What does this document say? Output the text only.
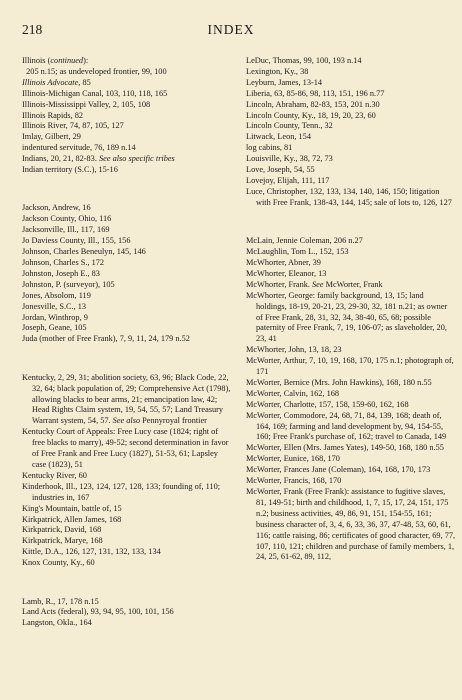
218	INDEX

Illinois (continued):

205 n.15; as undeveloped frontier, 99, 100

Illinois Advocate, 85

Illinois-Michigan Canal, 103, 110, 118, 165

Illinois-Mississippi Valley, 2, 105, 108

Illinois Rapids, 82

Illinois River, 74, 87, 105, 127

Imlay, Gilbert, 29

indentured servitude, 76, 189 n.14

Indians, 20, 21, 82-83. See also specific tribes

Indian territory (S.C.), 15-16

Jackson, Andrew, 16

Jackson County, Ohio, 116

Jacksonville, Ill., 117, 169

Jo Daviess County, Ill., 155, 156

Johnson, Charles Beneulyn, 145, 146

Johnson, Charles S., 172

Johnston, Joseph E., 83

Johnston, P. (surveyor), 105

Jones, Absolom, 119

Jonesville, S.C., 13

Jordan, Winthrop, 9

Joseph, Geane, 105

Juda (mother of Free Frank), 7, 9, 11, 24, 179 n.52

Kentucky, 2, 29, 31; abolition society, 63, 96; Black Code, 22, 32, 64; black population of, 29; Comprehensive Act (1798), allowing blacks to bear arms, 21; emancipation law, 42; Head Rights Claim system, 19, 54, 55, 57; Land Treasury Warrant system, 54, 57. See also Pennyroyal frontier

Kentucky Court of Appeals: Free Lucy case (1824; right of free blacks to marry), 49-52; second determination in favor of Free Frank and Free Lucy (1827), 51-53, 61; Lapsley case (1823), 51

Kentucky River, 60

Kinderhook, Ill., 123, 124, 127, 128, 133; founding of, 110; industries in, 167

King's Mountain, battle of, 15

Kirkpatrick, Allen James, 168

Kirkpatrick, David, 168

Kirkpatrick, Marye, 168

Kittle, D.A., 126, 127, 131, 132, 133, 134

Knox County, Ky., 60

Lamb, R., 17, 178 n.15

Land Acts (federal), 93, 94, 95, 100, 101, 156

Langston, Okla., 164

LeDuc, Thomas, 99, 100, 193 n.14

Lexington, Ky., 38

Leyburn, James, 13-14

Liberia, 63, 85-86, 98, 113, 151, 196 n.77

Lincoln, Abraham, 82-83, 153, 201 n.30

Lincoln County, Ky., 18, 19, 20, 23, 60

Lincoln County, Tenn., 32

Litwack, Leon, 154

log cabins, 81

Louisville, Ky., 38, 72, 73

Love, Joseph, 54, 55

Lovejoy, Elijah, 111, 117

Luce, Christopher, 132, 133, 134, 140, 146, 150; litigation with Free Frank, 138-43, 144, 145; sale of lots to, 126, 127

McLain, Jennie Coleman, 206 n.27

McLaughlin, Tom L., 152, 153

McWhorter, Abner, 39

McWhorter, Eleanor, 13

McWhorter, Frank. See McWorter, Frank

McWhorter, George: family background, 13, 15; land holdings, 18-19, 20-21, 23, 29-30, 32, 181 n.21; as owner of Free Frank, 28, 31, 32, 34, 38-40, 65, 68; possible paternity of Free Frank, 7, 19, 106-07; as slaveholder, 20, 23, 41

McWhorter, John, 13, 18, 23

McWorter, Arthur, 7, 10, 19, 168, 170, 175 n.1; photograph of, 171

McWorter, Bernice (Mrs. John Hawkins), 168, 180 n.55

McWorter, Calvin, 162, 168

McWorter, Charlotte, 157, 158, 159-60, 162, 168

McWorter, Commodore, 24, 68, 71, 84, 139, 168; death of, 164, 169; farming and land development by, 94, 154-55, 160; Free Frank's purchase of, 162; travel to Canada, 149

McWorter, Ellen (Mrs. James Yates), 149-50, 168, 180 n.55

McWorter, Eunice, 168, 170

McWorter, Frances Jane (Coleman), 164, 168, 170, 173

McWorter, Francis, 168, 170

McWorter, Frank (Free Frank): assistance to fugitive slaves, 81, 149-51; birth and childhood, 1, 7, 15, 17, 24, 151, 175 n.2; business activities, 49, 86, 91, 151, 154-55, 161; business character of, 3, 4, 6, 33, 36, 37, 47-48, 53, 60, 61, 116; cattle raising, 86; certificates of good character, 69, 77, 107, 110, 121; children and purchase of family members, 1, 24, 25, 61-62, 89, 112,
